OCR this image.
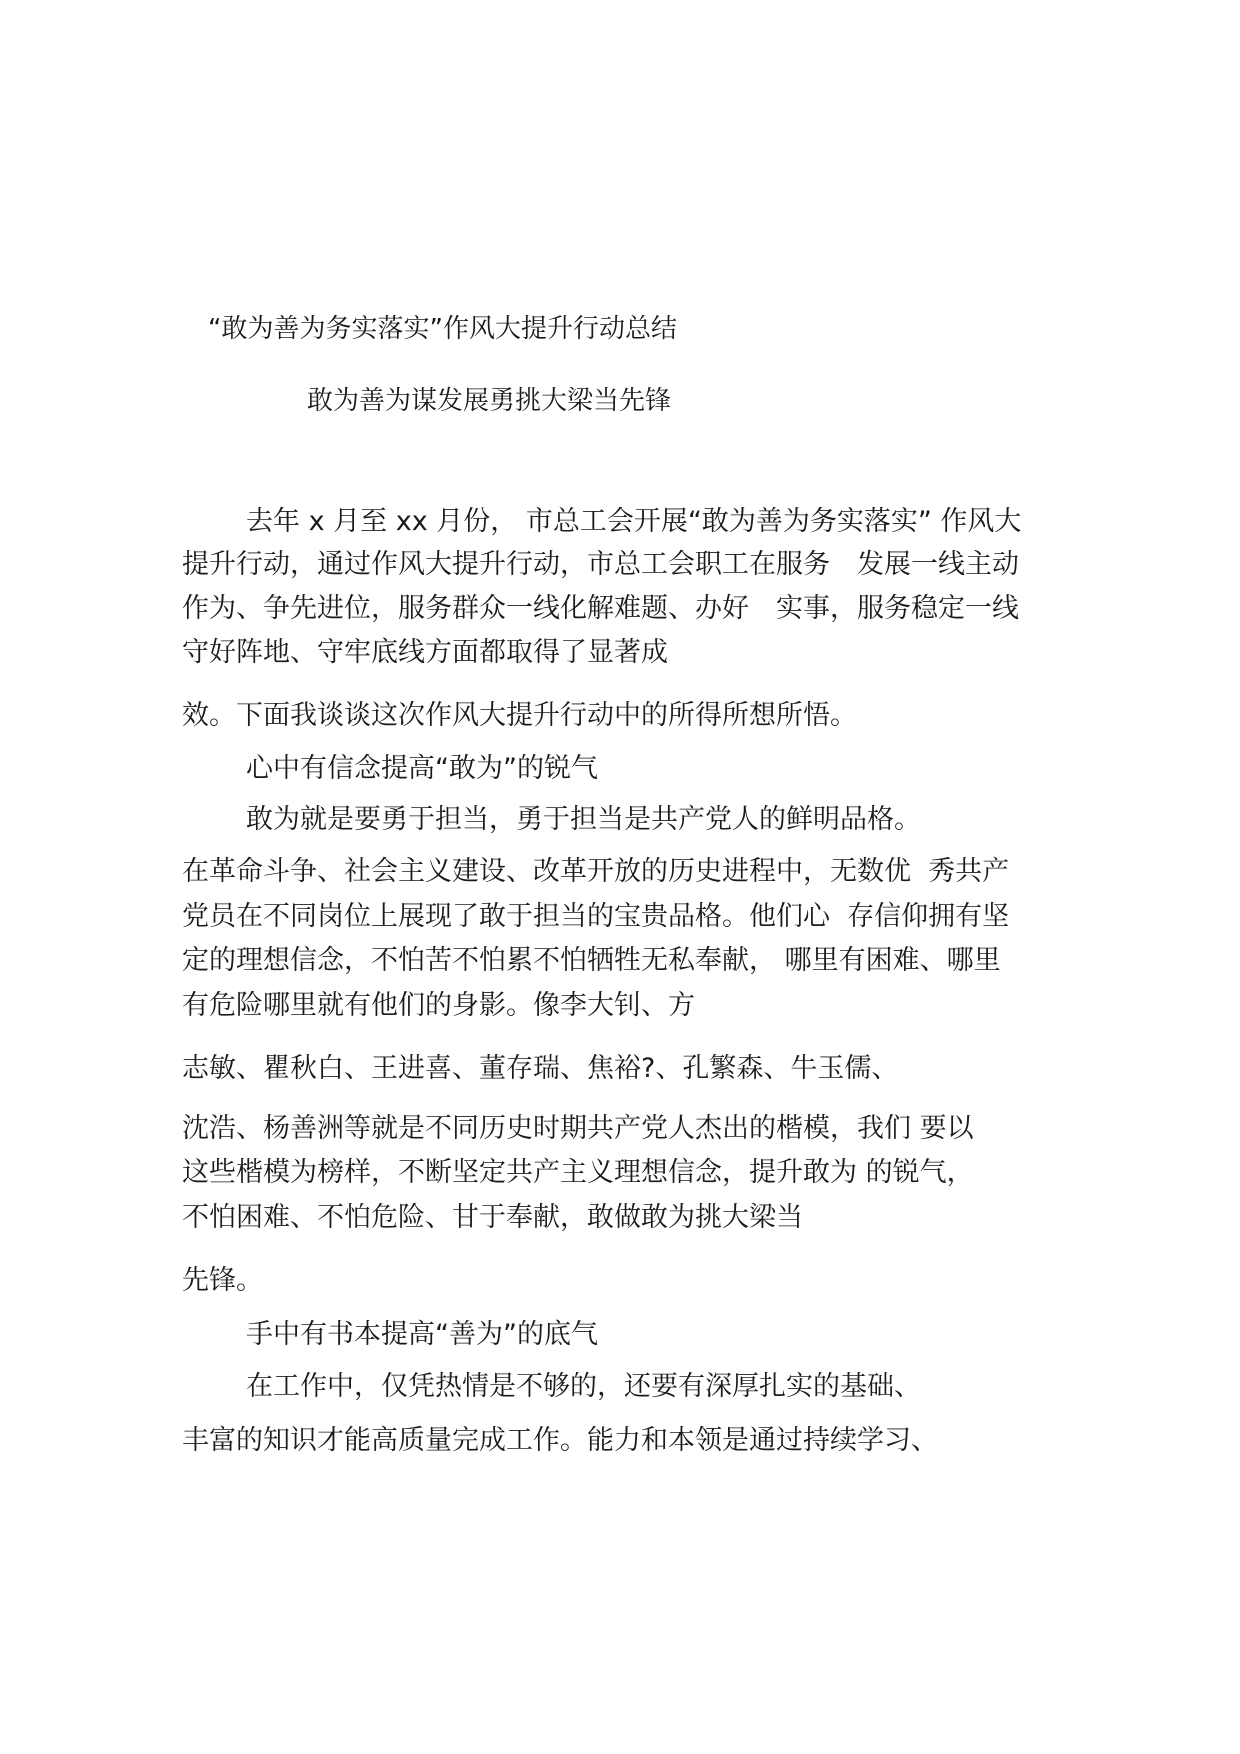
“敢为善为务实落实”作风大提升行动总结
敢为善为谋发展勇挑大梁当先锋
去年 x 月至 xx 月份， 市总工会开展“敢为善为务实落实” 作风大
提升行动，通过作风大提升行动，市总工会职工在服务　发展一线主动
作为、争先进位，服务群众一线化解难题、办好　实事，服务稳定一线
守好阵地、守牢底线方面都取得了显著成
效。下面我谈谈这次作风大提升行动中的所得所想所悟。
心中有信念提高“敢为”的锐气
敢为就是要勇于担当，勇于担当是共产党人的鲜明品格。
在革命斗争、社会主义建设、改革开放的历史进程中，无数优  秀共产
党员在不同岗位上展现了敢于担当的宝贵品格。他们心  存信仰拥有坚
定的理想信念，不怕苦不怕累不怕牺牲无私奉献， 哪里有困难、哪里
有危险哪里就有他们的身影。像李大钊、方
志敏、瞿秋白、王进喜、董存瑞、焦裕?、孔繁森、牛玉儒、
沈浩、杨善洲等就是不同历史时期共产党人杰出的楷模，我们 要以
这些楷模为榜样，不断坚定共产主义理想信念，提升敢为 的锐气，
不怕困难、不怕危险、甘于奉献，敢做敢为挑大梁当
先锋。
手中有书本提高“善为”的底气
在工作中，仅凭热情是不够的，还要有深厚扎实的基础、
丰富的知识才能高质量完成工作。能力和本领是通过持续学习、
